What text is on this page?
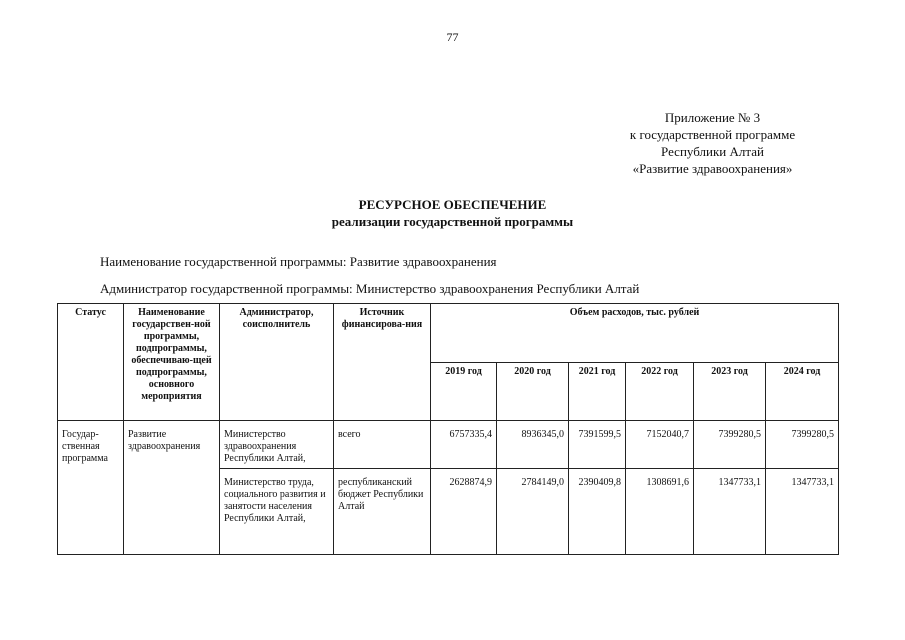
77
Приложение № 3
к государственной программе
Республики Алтай
«Развитие здравоохранения»
РЕСУРСНОЕ ОБЕСПЕЧЕНИЕ
реализации государственной программы
Наименование государственной программы: Развитие здравоохранения
Администратор государственной программы: Министерство здравоохранения Республики Алтай
Статус	Наименование государствен-ной программы, подпрограммы, обеспечиваю-щей подпрограммы, основного мероприятия	Администратор, соисполнитель	Источник финансирова-ния	Объем расходов, тыс. рублей					
				2019 год	2020 год	2021 год	2022 год	2023 год	2024 год
Государ-ственная программа	Развитие здравоохранения	Министерство здравоохранения Республики Алтай,	всего	6757335,4	8936345,0	7391599,5	7152040,7	7399280,5	7399280,5
		Министерство труда, социального развития и занятости населения Республики Алтай,	республиканский бюджет Республики Алтай	2628874,9	2784149,0	2390409,8	1308691,6	1347733,1	1347733,1
